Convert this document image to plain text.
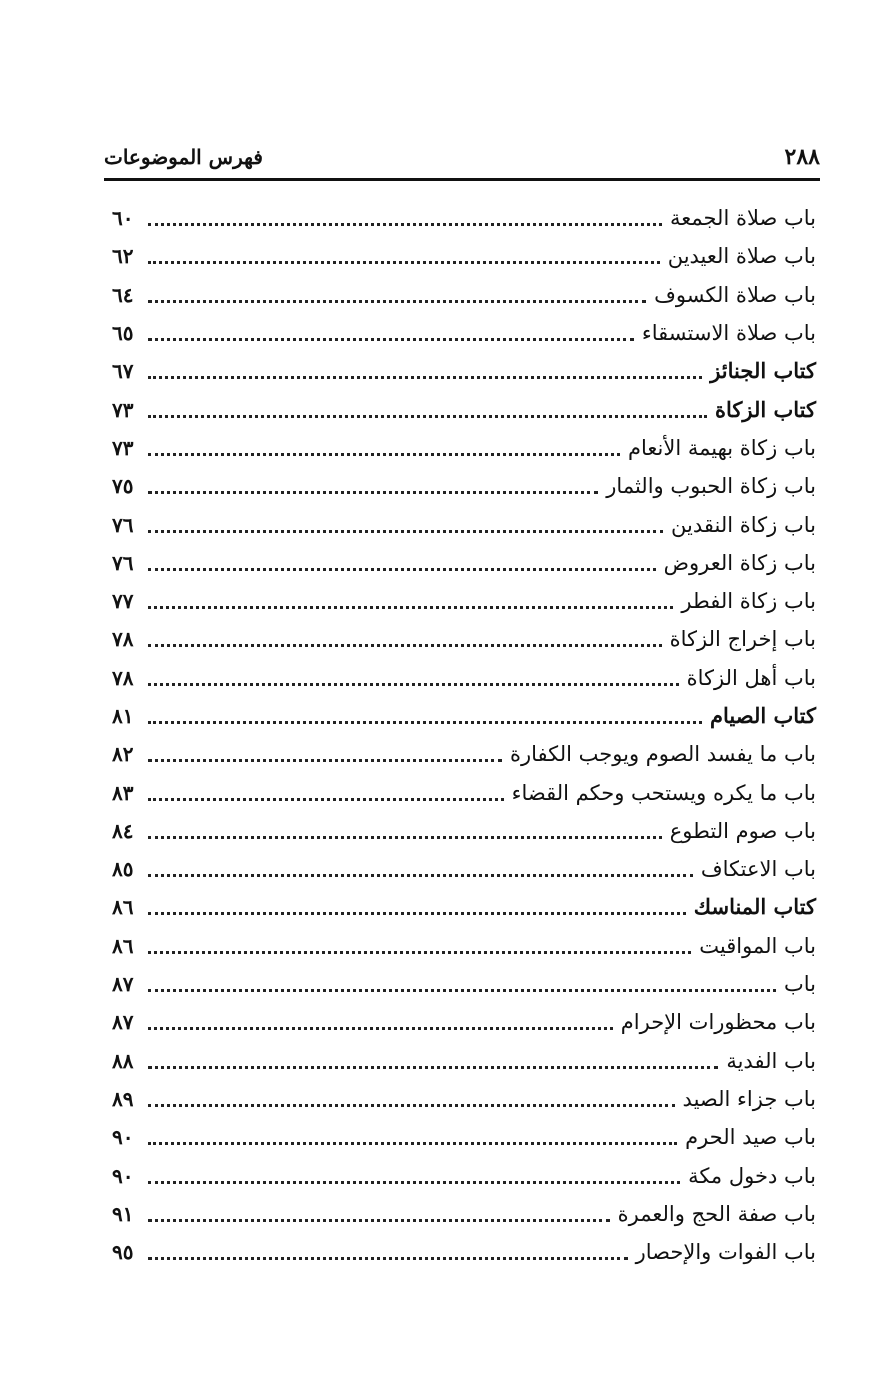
٢٨٨
فهرس الموضوعات
باب صلاة الجمعة
٦٠
باب صلاة العيدين
٦٢
باب صلاة الكسوف
٦٤
باب صلاة الاستسقاء
٦٥
كتاب الجنائز
٦٧
كتاب الزكاة
٧٣
باب زكاة بهيمة الأنعام
٧٣
باب زكاة الحبوب والثمار
٧٥
باب زكاة النقدين
٧٦
باب زكاة العروض
٧٦
باب زكاة الفطر
٧٧
باب إخراج الزكاة
٧٨
باب أهل الزكاة
٧٨
كتاب الصيام
٨١
باب ما يفسد الصوم ويوجب الكفارة
٨٢
باب ما يكره ويستحب وحكم القضاء
٨٣
باب صوم التطوع
٨٤
باب الاعتكاف
٨٥
كتاب المناسك
٨٦
باب المواقيت
٨٦
باب
٨٧
باب محظورات الإحرام
٨٧
باب الفدية
٨٨
باب جزاء الصيد
٨٩
باب صيد الحرم
٩٠
باب دخول مكة
٩٠
باب صفة الحج والعمرة
٩١
باب الفوات والإحصار
٩٥
